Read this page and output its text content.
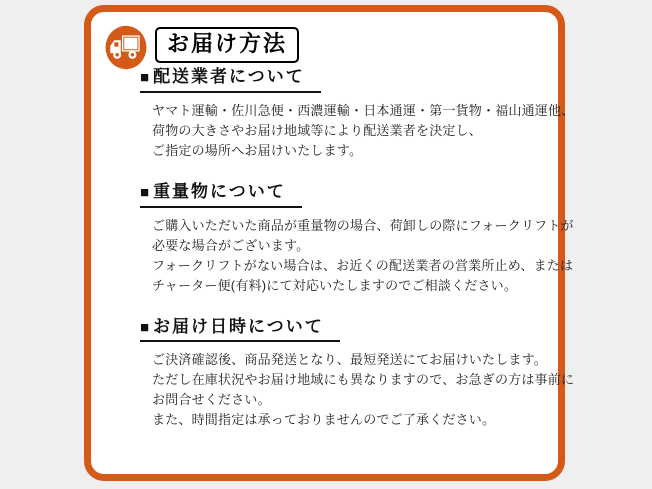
お届け方法
■ 配送業者について

ヤマト運輸・佐川急便・西濃運輸・日本通運・第一貨物・福山通運他、

荷物の大きさやお届け地域等により配送業者を決定し、

ご指定の場所へお届けいたします。

■ 重量物について

ご購入いただいた商品が重量物の場合、荷卸しの際にフォークリフトが

必要な場合がございます。

フォークリフトがない場合は、お近くの配送業者の営業所止め、または

チャーター便(有料)にて対応いたしますのでご相談ください。

■ お届け日時について

ご決済確認後、商品発送となり、最短発送にてお届けいたします。

ただし在庫状況やお届け地域にも異なりますので、お急ぎの方は事前に

お問合せください。

また、時間指定は承っておりませんのでご了承ください。
